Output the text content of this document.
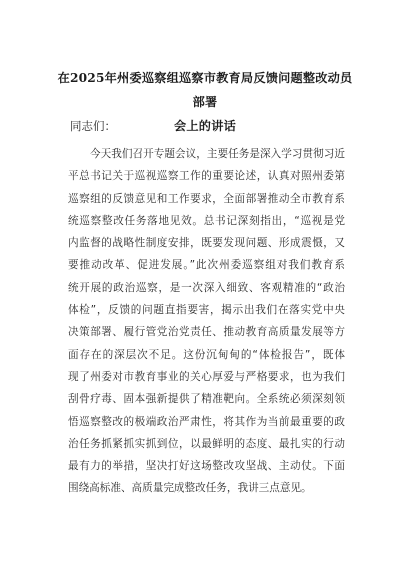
在2025年州委巡察组巡察市教育局反馈问题整改动员部署
会上的讲话

同志们：

今天我们召开专题会议，主要任务是深入学习贯彻习近
平总书记关于巡视巡察工作的重要论述，认真对照州委第
巡察组的反馈意见和工作要求，全面部署推动全市教育系
统巡察整改任务落地见效。总书记深刻指出，“巡视是党
内监督的战略性制度安排，既要发现问题、形成震慑，又
要推动改革、促进发展。”此次州委巡察组对我们教育系
统开展的政治巡察，是一次深入细致、客观精准的“政治
体检”，反馈的问题直指要害，揭示出我们在落实党中央
决策部署、履行管党治党责任、推动教育高质量发展等方
面存在的深层次不足。这份沉甸甸的“体检报告”，既体
现了州委对市教育事业的关心厚爱与严格要求，也为我们
刮骨疗毒、固本强新提供了精准靶向。全系统必须深刻领
悟巡察整改的极端政治严肃性，将其作为当前最重要的政
治任务抓紧抓实抓到位，以最鲜明的态度、最扎实的行动
最有力的举措，坚决打好这场整改攻坚战、主动仗。下面
围绕高标准、高质量完成整改任务，我讲三点意见。
